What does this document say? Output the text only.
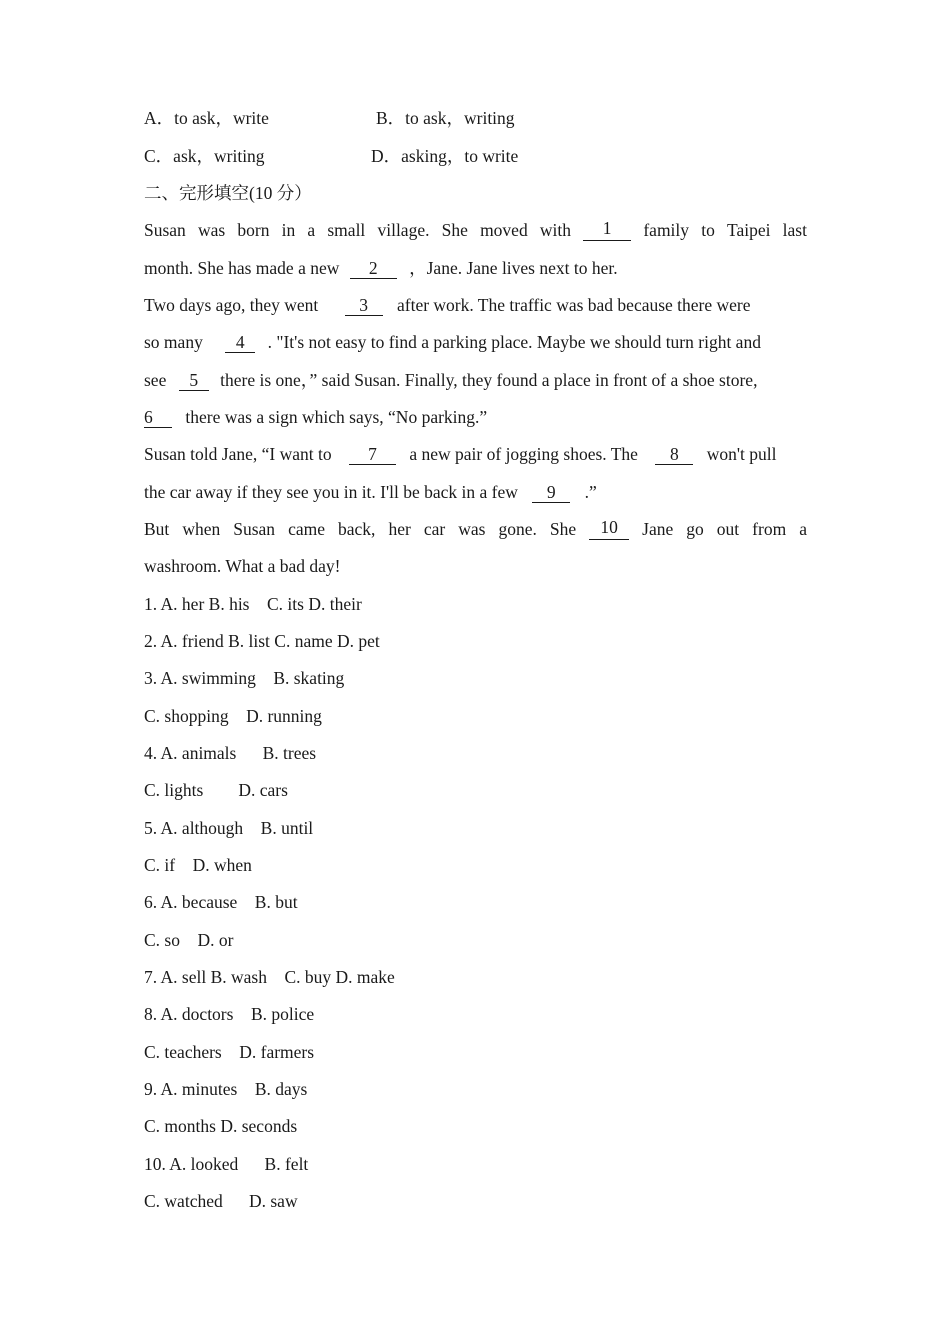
A．to ask，write	B．to ask，writing
C．ask，writing	D．asking，to write
二、完形填空(10 分）
Susan was born in a small village. She moved with	1	family to Taipei last
month. She has made a new 2 ，Jane. Jane lives next to her.
Two days ago, they went 3 after work. The traffic was bad because there were
so many 4 . "It's not easy to find a parking place. Maybe we should turn right and
see 5 there is one，” said Susan. Finally, they found a place in front of a shoe store,
6 there was a sign which says, “No parking.”
Susan told Jane, “I want to 7 a new pair of jogging shoes. The 8 won't pull
the car away if they see you in it. I'll be back in a few 9 .”
But when Susan came back, her car was gone. She	10	Jane go out from a
washroom. What a bad day!
1. A. her B. his    C. its D. their
2. A. friend B. list C. name D. pet
3. A. swimming    B. skating
C. shopping    D. running
4. A. animals      B. trees
C. lights        D. cars
5. A. although    B. until
C. if    D. when
6. A. because    B. but
C. so    D. or
7. A. sell B. wash    C. buy D. make
8. A. doctors    B. police
C. teachers    D. farmers
9. A. minutes    B. days
C. months D. seconds
10. A. looked      B. felt
C. watched      D. saw
